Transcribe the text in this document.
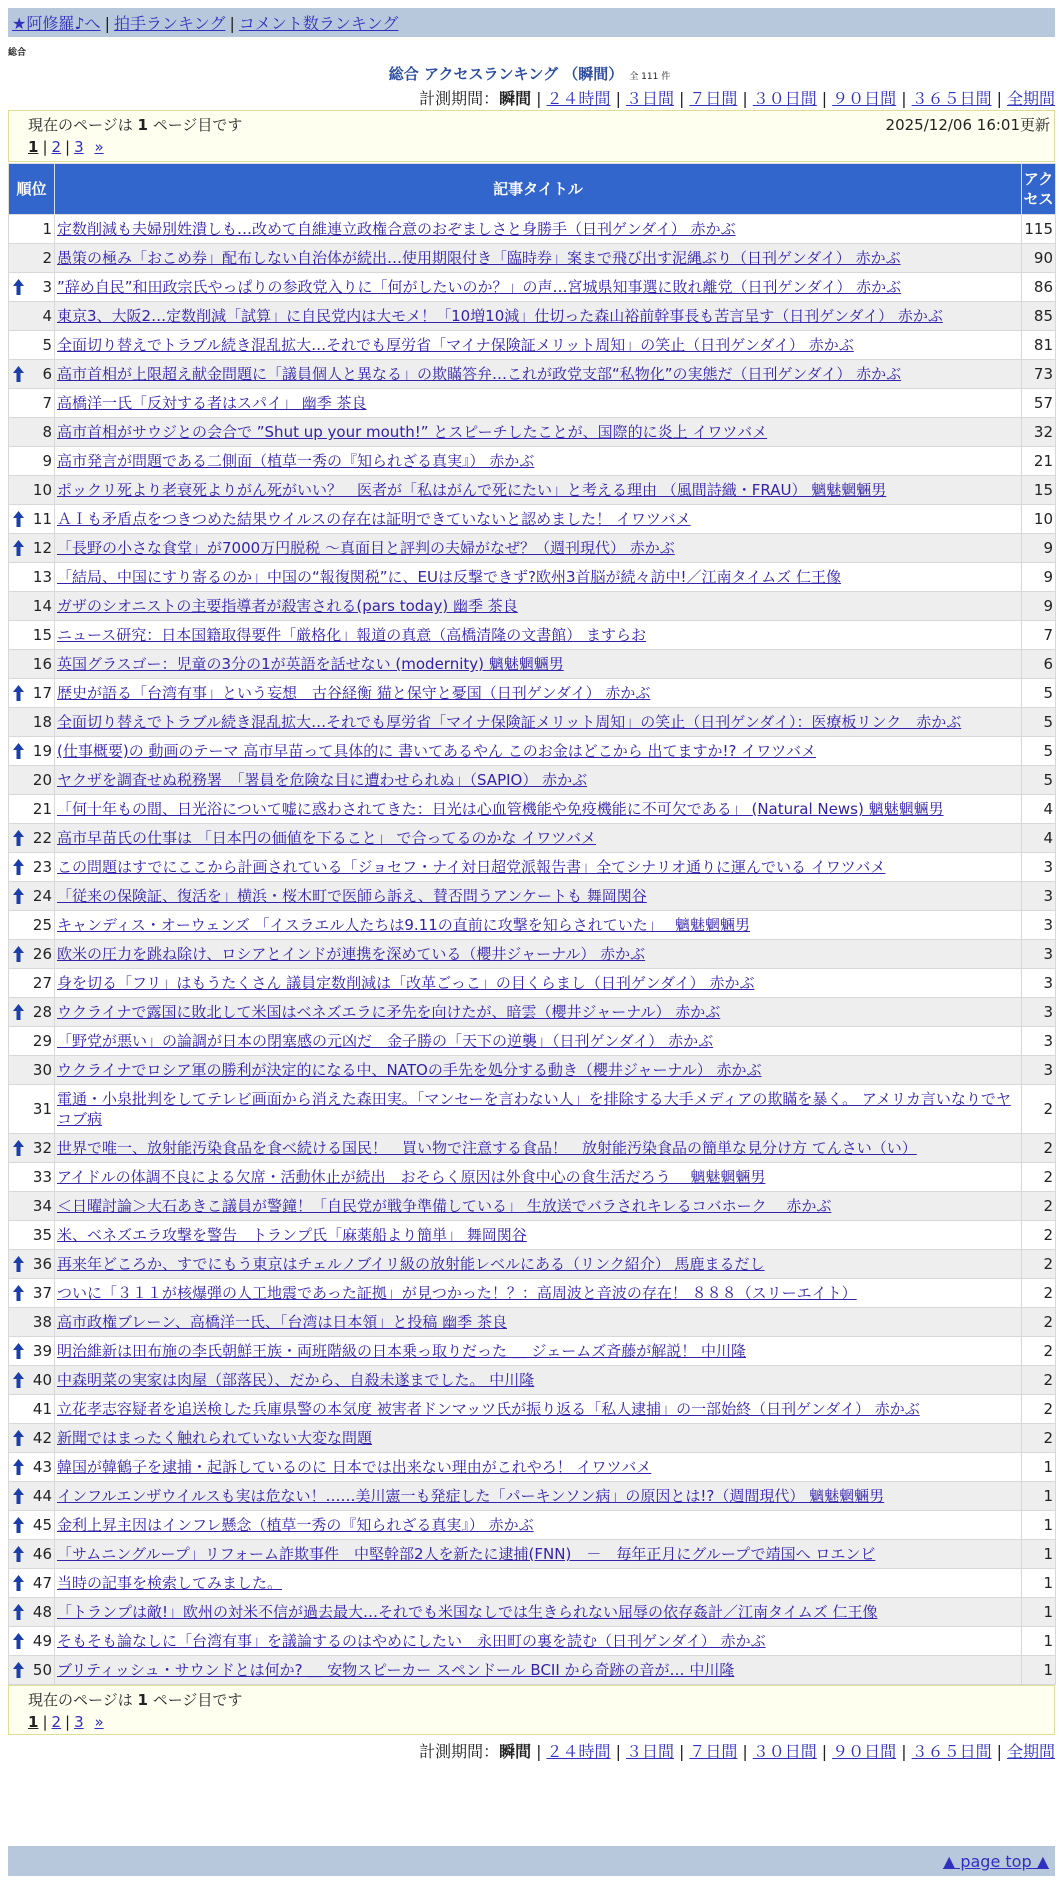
★阿修羅♪へ | 拍手ランキング | コメント数ランキング
総合
総合 アクセスランキング （瞬間） 全 111 件
計測期間：瞬間 | ２４時間 | ３日間 | ７日間 | ３０日間 | ９０日間 | ３６５日間 | 全期間
現在のページは 1 ページ目です	2025/12/06 16:01更新
1 | 2 | 3 »
順位	記事タイトル	アクセス
1	定数削減も夫婦別姓潰しも…改めて自維連立政権合意のおぞましさと身勝手（日刊ゲンダイ） 赤かぶ	115
2	愚策の極み「おこめ券」配布しない自治体が続出…使用期限付き「臨時券」案まで飛び出す泥縄ぶり（日刊ゲンダイ） 赤かぶ	90

3	”辞め自民”和田政宗氏やっぱりの参政党入りに「何がしたいのか？」の声…宮城県知事選に敗れ離党（日刊ゲンダイ） 赤かぶ	86
4	東京3、大阪2…定数削減「試算」に自民党内は大モメ！「10増10減」仕切った森山裕前幹事長も苦言呈す（日刊ゲンダイ） 赤かぶ	85
5	全面切り替えでトラブル続き混乱拡大…それでも厚労省「マイナ保険証メリット周知」の笑止（日刊ゲンダイ） 赤かぶ	81

6	高市首相が上限超え献金問題に「議員個人と異なる」の欺瞞答弁…これが政党支部“私物化”の実態だ（日刊ゲンダイ） 赤かぶ	73
7	高橋洋一氏「反対する者はスパイ」 幽季 茶良	57
8	高市首相がサウジとの会合で ”Shut up your mouth!” とスピーチしたことが、国際的に炎上 イワツバメ	32
9	高市発言が問題である二側面（植草一秀の『知られざる真実』） 赤かぶ	21
10	ポックリ死より老衰死よりがん死がいい？　医者が「私はがんで死にたい」と考える理由 （風間詩織・FRAU） 魑魅魍魎男	15

11	ＡＩも矛盾点をつきつめた結果ウイルスの存在は証明できていないと認めました！ イワツバメ	10

12	「長野の小さな食堂」が7000万円脱税 ～真面目と評判の夫婦がなぜ？（週刊現代） 赤かぶ	9
13	「結局、中国にすり寄るのか」中国の“報復関税”に、EUは反撃できず?欧州3首脳が続々訪中!／江南タイムズ 仁王像	9
14	ガザのシオニストの主要指導者が殺害される(pars today) 幽季 茶良	9
15	ニュース研究：日本国籍取得要件「厳格化」報道の真意（高橋清隆の文書館） ますらお	7
16	英国グラスゴー：児童の3分の1が英語を話せない (modernity) 魑魅魍魎男	6

17	歴史が語る「台湾有事」という妄想　古谷経衡 猫と保守と憂国（日刊ゲンダイ） 赤かぶ	5
18	全面切り替えでトラブル続き混乱拡大…それでも厚労省「マイナ保険証メリット周知」の笑止（日刊ゲンダイ）：医療板リンク　赤かぶ	5

19	(仕事概要)の 動画のテーマ 高市早苗って具体的に 書いてあるやん このお金はどこから 出てますか!? イワツバメ	5
20	ヤクザを調査せぬ税務署　「署員を危険な目に遭わせられぬ」（SAPIO） 赤かぶ	5
21	「何十年もの間、日光浴について嘘に惑わされてきた：日光は心血管機能や免疫機能に不可欠である」 (Natural News) 魑魅魍魎男	4

22	高市早苗氏の仕事は 「日本円の価値を下ること」 で合ってるのかな イワツバメ	4

23	この問題はすでにここから計画されている「ジョセフ・ナイ対日超党派報告書」全てシナリオ通りに運んでいる イワツバメ	3

24	「従来の保険証、復活を」横浜・桜木町で医師ら訴え、賛否問うアンケートも 舞岡関谷	3
25	キャンディス・オーウェンズ 「イスラエル人たちは9.11の直前に攻撃を知らされていた」　 魑魅魍魎男	3

26	欧米の圧力を跳ね除け、ロシアとインドが連携を深めている（櫻井ジャーナル） 赤かぶ	3
27	身を切る「フリ」はもうたくさん 議員定数削減は「改革ごっこ」の目くらまし（日刊ゲンダイ） 赤かぶ	3

28	ウクライナで露国に敗北して米国はベネズエラに矛先を向けたが、暗雲（櫻井ジャーナル） 赤かぶ	3
29	「野党が悪い」の論調が日本の閉塞感の元凶だ　金子勝の「天下の逆襲」（日刊ゲンダイ） 赤かぶ	3
30	ウクライナでロシア軍の勝利が決定的になる中、NATOの手先を処分する動き（櫻井ジャーナル） 赤かぶ	3
31	電通・小泉批判をしてテレビ画面から消えた森田実。「マンセーを言わない人」を排除する大手メディアの欺瞞を暴く。 アメリカ言いなりでヤコブ病	2

32	世界で唯一、放射能汚染食品を食べ続ける国民！　買い物で注意する食品！　放射能汚染食品の簡単な見分け方 てんさい（い）	2
33	アイドルの体調不良による欠席・活動休止が続出　おそらく原因は外食中心の食生活だろう　 魑魅魍魎男	2
34	＜日曜討論＞大石あきこ議員が警鐘！「自民党が戦争準備している」 生放送でバラされキレるコバホーク　 赤かぶ	2
35	米、ベネズエラ攻撃を警告　トランプ氏「麻薬船より簡単」 舞岡関谷	2

36	再来年どころか、すでにもう東京はチェルノブイリ級の放射能レベルにある（リンク紹介） 馬鹿まるだし	2

37	ついに「３１１が核爆弾の人工地震であった証拠」が見つかった！？：高周波と音波の存在！ ８８８（スリーエイト）	2
38	高市政権ブレーン、高橋洋一氏、「台湾は日本領」と投稿 幽季 茶良	2

39	明治維新は田布施の李氏朝鮮王族・両班階級の日本乗っ取りだった ＿ ジェームズ斉藤が解説！ 中川隆	2

40	中森明菜の実家は肉屋（部落民）、だから、自殺未遂までした。 中川隆	2
41	立花孝志容疑者を追送検した兵庫県警の本気度 被害者ドンマッツ氏が振り返る「私人逮捕」の一部始終（日刊ゲンダイ） 赤かぶ	2

42	新聞ではまったく触れられていない大変な問題	2

43	韓国が韓鶴子を逮捕・起訴しているのに 日本では出来ない理由がこれやろ！ イワツバメ	1

44	インフルエンザウイルスも実は危ない！……美川憲一も発症した「パーキンソン病」の原因とは!?（週間現代） 魑魅魍魎男	1

45	金利上昇主因はインフレ懸念（植草一秀の『知られざる真実』） 赤かぶ	1

46	「サムニングループ」リフォーム詐欺事件　中堅幹部2人を新たに逮捕(FNN)　－　毎年正月にグループで靖国へ ロエンビ	1

47	当時の記事を検索してみました。	1

48	「トランプは敵!」欧州の対米不信が過去最大…それでも米国なしでは生きられない屈辱の依存姦計／江南タイムズ 仁王像	1

49	そもそも論なしに「台湾有事」を議論するのはやめにしたい　永田町の裏を読む（日刊ゲンダイ） 赤かぶ	1

50	ブリティッシュ・サウンドとは何か? ＿ 安物スピーカー スペンドール BCII から奇跡の音が… 中川隆	1
現在のページは 1 ページ目です
1 | 2 | 3 »
計測期間：瞬間 | ２４時間 | ３日間 | ７日間 | ３０日間 | ９０日間 | ３６５日間 | 全期間
▲ page top ▲
